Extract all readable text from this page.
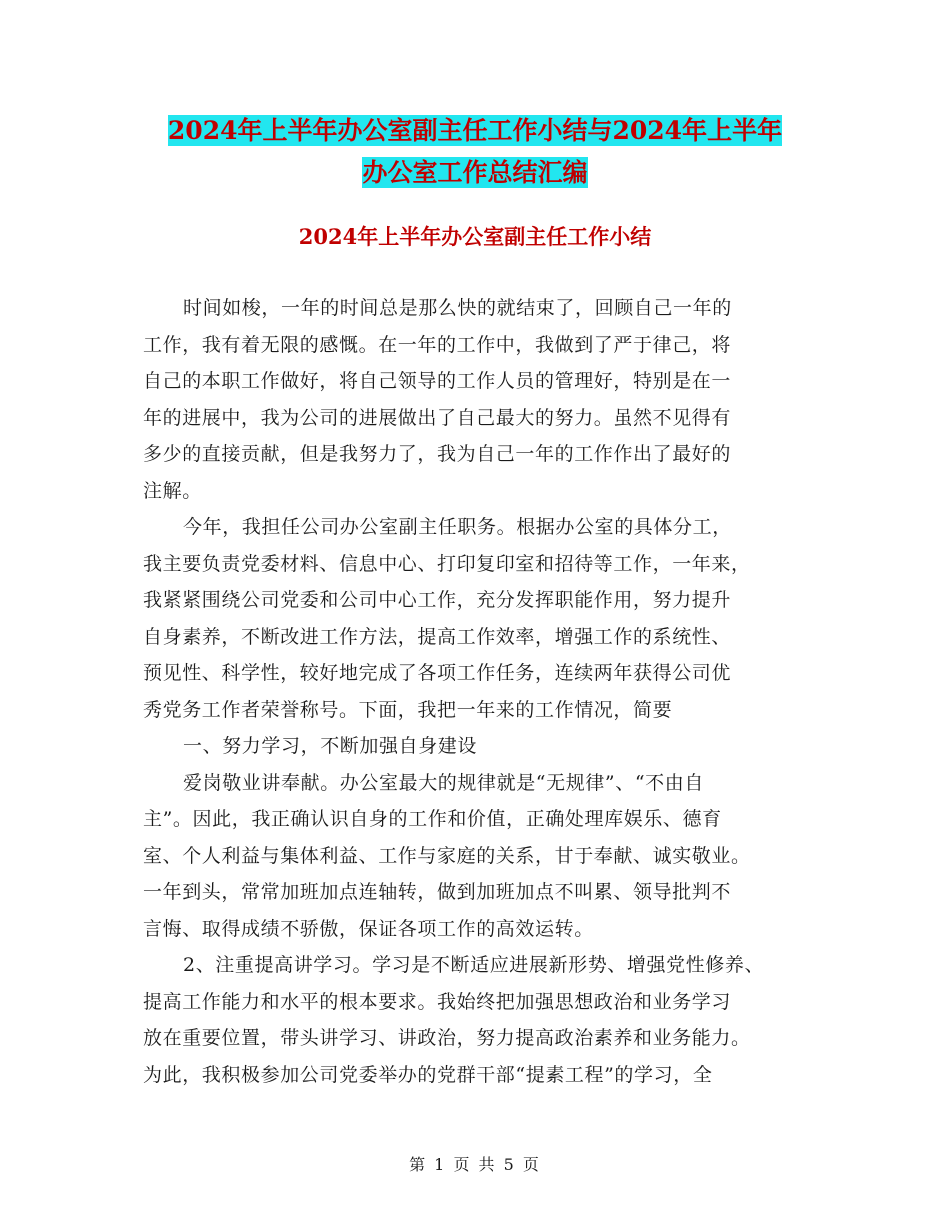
2024年上半年办公室副主任工作小结与2024年上半年
办公室工作总结汇编
2024年上半年办公室副主任工作小结
时间如梭，一年的时间总是那么快的就结束了，回顾自己一年的
工作，我有着无限的感慨。在一年的工作中，我做到了严于律己，将
自己的本职工作做好，将自己领导的工作人员的管理好，特别是在一
年的进展中，我为公司的进展做出了自己最大的努力。虽然不见得有
多少的直接贡献，但是我努力了，我为自己一年的工作作出了最好的
注解。
今年，我担任公司办公室副主任职务。根据办公室的具体分工，
我主要负责党委材料、信息中心、打印复印室和招待等工作，一年来，
我紧紧围绕公司党委和公司中心工作，充分发挥职能作用，努力提升
自身素养，不断改进工作方法，提高工作效率，增强工作的系统性、
预见性、科学性，较好地完成了各项工作任务，连续两年获得公司优
秀党务工作者荣誉称号。下面，我把一年来的工作情况，简要
一、努力学习，不断加强自身建设
爱岗敬业讲奉献。办公室最大的规律就是“无规律”、“不由自
主”。因此，我正确认识自身的工作和价值，正确处理库娱乐、德育
室、个人利益与集体利益、工作与家庭的关系，甘于奉献、诚实敬业。
一年到头，常常加班加点连轴转，做到加班加点不叫累、领导批判不
言悔、取得成绩不骄傲，保证各项工作的高效运转。
2、注重提高讲学习。学习是不断适应进展新形势、增强党性修养、
提高工作能力和水平的根本要求。我始终把加强思想政治和业务学习
放在重要位置，带头讲学习、讲政治，努力提高政治素养和业务能力。
为此，我积极参加公司党委举办的党群干部“提素工程”的学习，全
第 1 页 共 5 页
